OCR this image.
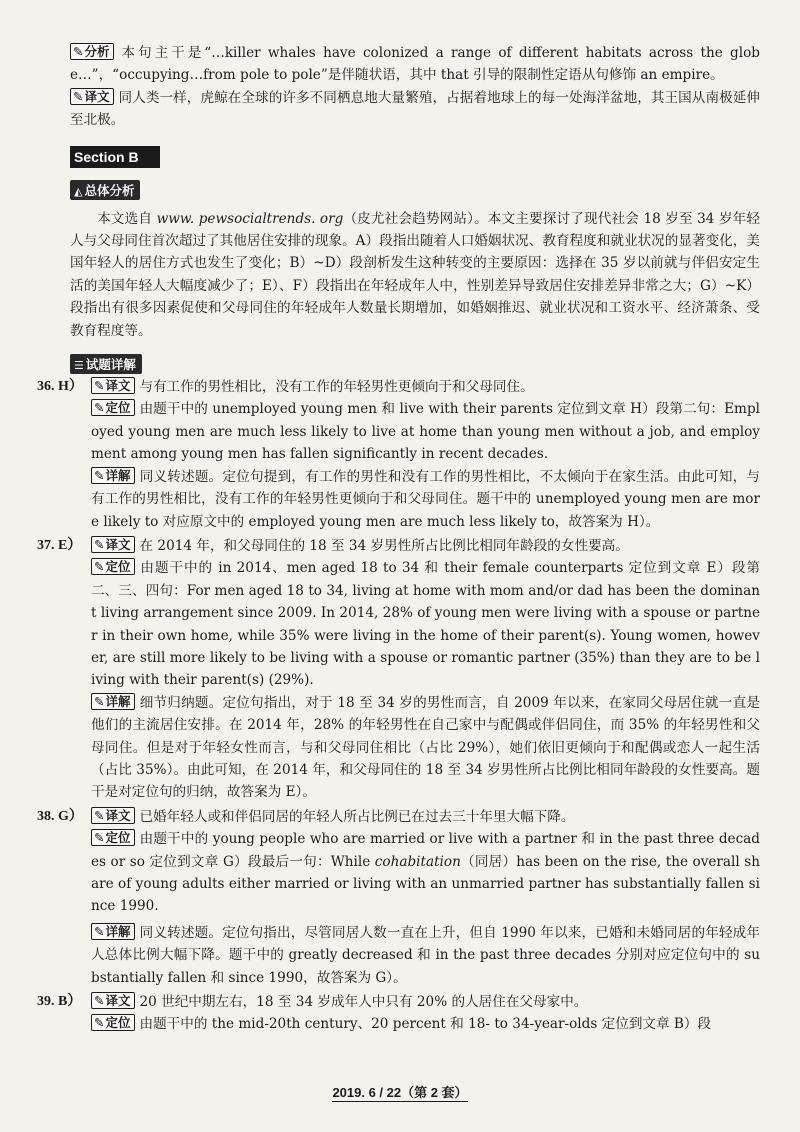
✎分析 本句主干是“…killer whales have colonized a range of different habitats across the globe…”，“occupying…from pole to pole”是伴随状语，其中 that 引导的限制性定语从句修饰 an empire。

✎译文 同人类一样，虎鲸在全球的许多不同栖息地大量繁殖，占据着地球上的每一处海洋盆地，其王国从南极延伸至北极。

Section B
◭ 总体分析

本文选自 www. pewsocialtrends. org（皮尤社会趋势网站）。本文主要探讨了现代社会 18 岁至 34 岁年轻人与父母同住首次超过了其他居住安排的现象。A）段指出随着人口婚姻状况、教育程度和就业状况的显著变化，美国年轻人的居住方式也发生了变化；B）~D）段剖析发生这种转变的主要原因：选择在 35 岁以前就与伴侣安定生活的美国年轻人大幅度减少了；E）、F）段指出在年轻成年人中，性别差异导致居住安排差异非常之大；G）~K）段指出有很多因素促使和父母同住的年轻成年人数量长期增加，如婚姻推迟、就业状况和工资水平、经济萧条、受教育程度等。

☰ 试题详解
36. H） ✎译文 与有工作的男性相比，没有工作的年轻男性更倾向于和父母同住。

✎定位 由题干中的 unemployed young men 和 live with their parents 定位到文章 H）段第二句：Employed young men are much less likely to live at home than young men without a job, and employment among young men has fallen significantly in recent decades.

✎详解 同义转述题。定位句提到，有工作的男性和没有工作的男性相比，不太倾向于在家生活。由此可知，与有工作的男性相比，没有工作的年轻男性更倾向于和父母同住。题干中的 unemployed young men are more likely to 对应原文中的 employed young men are much less likely to，故答案为 H）。

37. E）	✎译文 在 2014 年，和父母同住的 18 至 34 岁男性所占比例比相同年龄段的女性要高。

✎定位 由题干中的 in 2014、men aged 18 to 34 和 their female counterparts 定位到文章 E）段第二、三、四句：For men aged 18 to 34, living at home with mom and/or dad has been the dominant living arrangement since 2009. In 2014, 28% of young men were living with a spouse or partner in their own home, while 35% were living in the home of their parent(s). Young women, however, are still more likely to be living with a spouse or romantic partner (35%) than they are to be living with their parent(s) (29%).

✎详解 细节归纳题。定位句指出，对于 18 至 34 岁的男性而言，自 2009 年以来，在家同父母居住就一直是他们的主流居住安排。在 2014 年，28% 的年轻男性在自己家中与配偶或伴侣同住，而 35% 的年轻男性和父母同住。但是对于年轻女性而言，与和父母同住相比（占比 29%），她们依旧更倾向于和配偶或恋人一起生活（占比 35%）。由此可知，在 2014 年，和父母同住的 18 至 34 岁男性所占比例比相同年龄段的女性要高。题干是对定位句的归纳，故答案为 E）。

38. G） ✎译文 已婚年轻人或和伴侣同居的年轻人所占比例已在过去三十年里大幅下降。

✎定位 由题干中的 young people who are married or live with a partner 和 in the past three decades or so 定位到文章 G）段最后一句：While cohabitation（同居）has been on the rise, the overall share of young adults either married or living with an unmarried partner has substantially fallen since 1990.

✎详解 同义转述题。定位句指出，尽管同居人数一直在上升，但自 1990 年以来，已婚和未婚同居的年轻成年人总体比例大幅下降。题干中的 greatly decreased 和 in the past three decades 分别对应定位句中的 substantially fallen 和 since 1990，故答案为 G）。

39. B）	✎译文 20 世纪中期左右，18 至 34 岁成年人中只有 20% 的人居住在父母家中。

✎定位 由题干中的 the mid-20th century、20 percent 和 18- to 34-year-olds 定位到文章 B）段

2019. 6 / 22（第 2 套）
